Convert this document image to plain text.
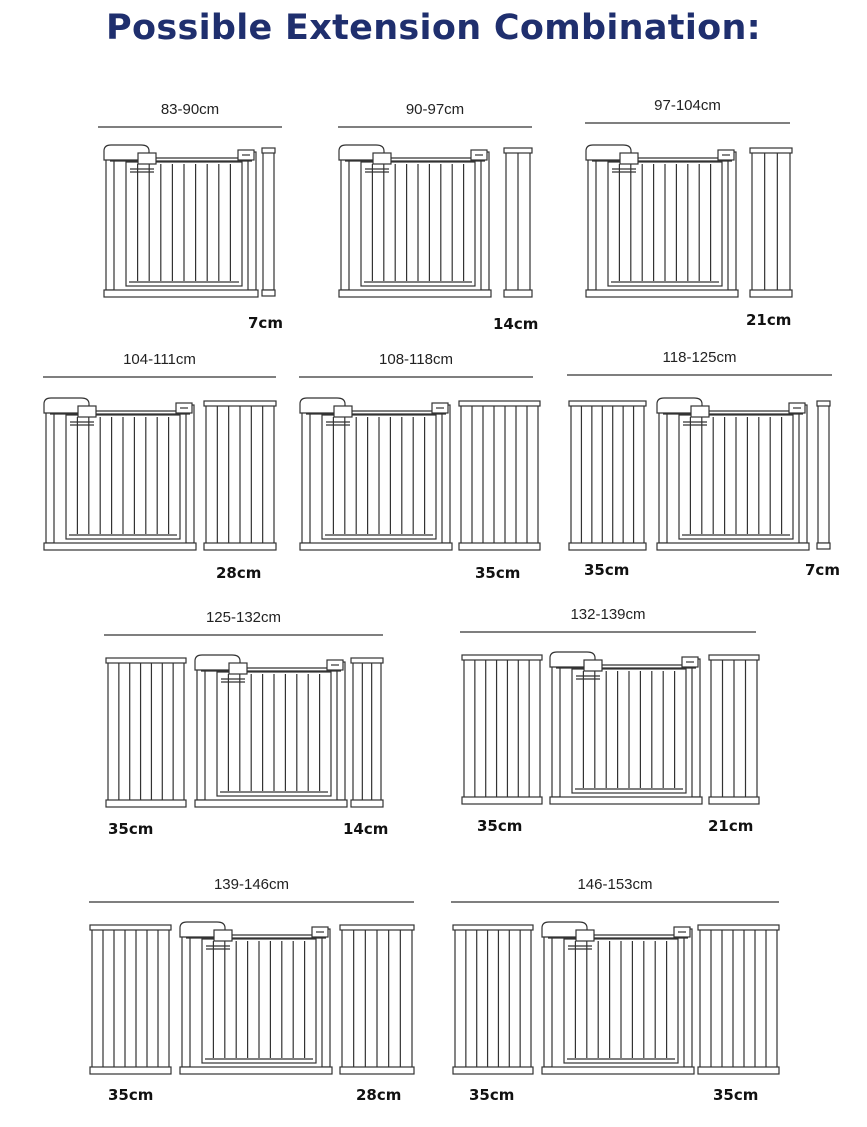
Possible Extension Combination:
83-90cm
7cm
90-97cm
14cm
97-104cm
21cm
104-111cm
28cm
108-118cm
35cm
118-125cm
35cm	7cm
125-132cm
35cm	14cm
132-139cm
35cm	21cm
139-146cm
35cm	28cm
146-153cm
35cm	35cm
